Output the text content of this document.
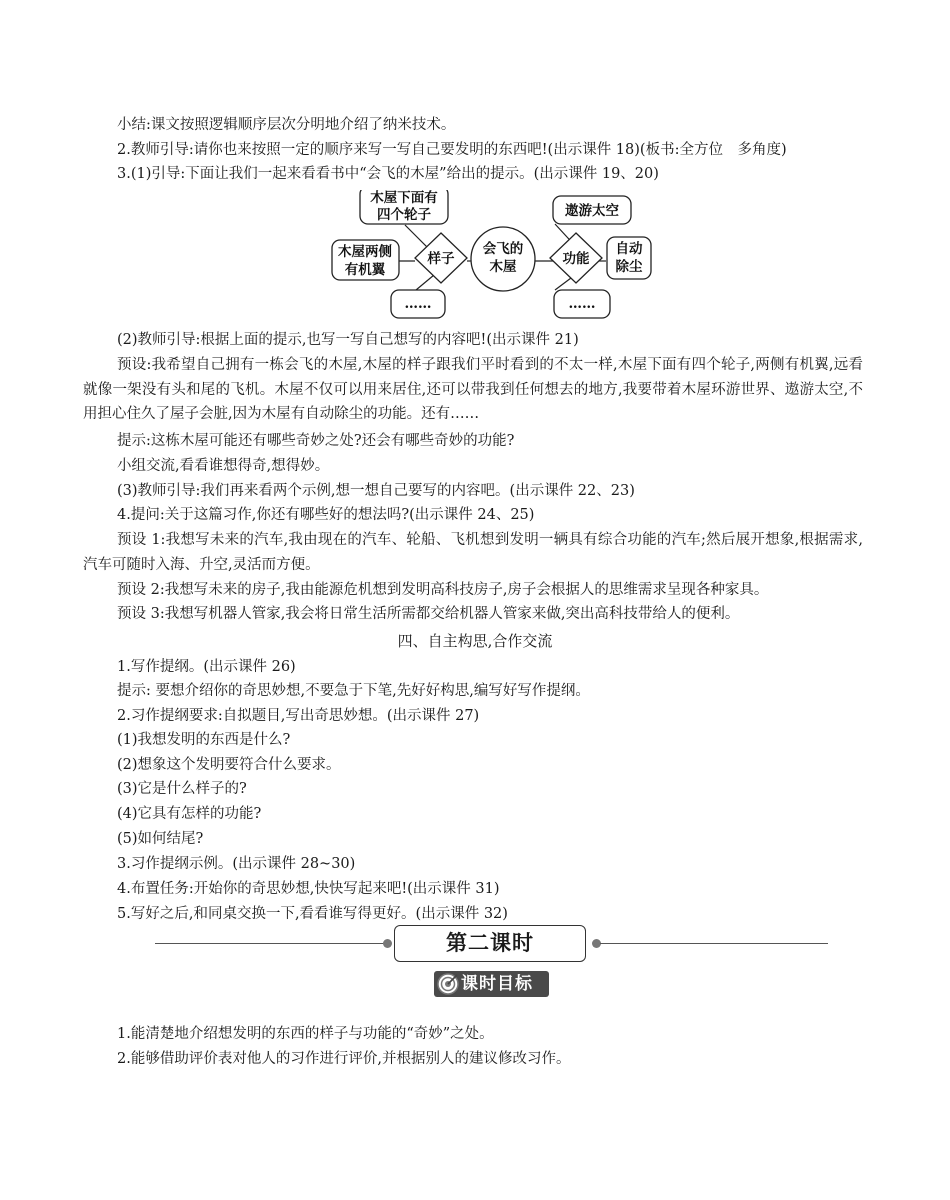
小结:课文按照逻辑顺序层次分明地介绍了纳米技术。
2.教师引导:请你也来按照一定的顺序来写一写自己要发明的东西吧!(出示课件 18)(板书:全方位　多角度)
3.(1)引导:下面让我们一起来看看书中“会飞的木屋”给出的提示。(出示课件 19、20)
木屋下面有
四个轮子
木屋两侧
有机翼
……
样子
会飞的
木屋	功能
遨游太空
自动
除尘
……
(2)教师引导:根据上面的提示,也写一写自己想写的内容吧!(出示课件 21)
预设:我希望自己拥有一栋会飞的木屋,木屋的样子跟我们平时看到的不太一样,木屋下面有四个轮子,两侧有机翼,远看就像一架没有头和尾的飞机。木屋不仅可以用来居住,还可以带我到任何想去的地方,我要带着木屋环游世界、遨游太空,不用担心住久了屋子会脏,因为木屋有自动除尘的功能。还有……
提示:这栋木屋可能还有哪些奇妙之处?还会有哪些奇妙的功能?
小组交流,看看谁想得奇,想得妙。
(3)教师引导:我们再来看两个示例,想一想自己要写的内容吧。(出示课件 22、23)
4.提问:关于这篇习作,你还有哪些好的想法吗?(出示课件 24、25)
预设 1:我想写未来的汽车,我由现在的汽车、轮船、飞机想到发明一辆具有综合功能的汽车;然后展开想象,根据需求,汽车可随时入海、升空,灵活而方便。
预设 2:我想写未来的房子,我由能源危机想到发明高科技房子,房子会根据人的思维需求呈现各种家具。
预设 3:我想写机器人管家,我会将日常生活所需都交给机器人管家来做,突出高科技带给人的便利。
四、自主构思,合作交流
1.写作提纲。(出示课件 26)
提示: 要想介绍你的奇思妙想,不要急于下笔,先好好构思,编写好写作提纲。
2.习作提纲要求:自拟题目,写出奇思妙想。(出示课件 27)
(1)我想发明的东西是什么?
(2)想象这个发明要符合什么要求。
(3)它是什么样子的?
(4)它具有怎样的功能?
(5)如何结尾?
3.习作提纲示例。(出示课件 28~30)
4.布置任务:开始你的奇思妙想,快快写起来吧!(出示课件 31)
5.写好之后,和同桌交换一下,看看谁写得更好。(出示课件 32)
第二课时
课时目标
1.能清楚地介绍想发明的东西的样子与功能的“奇妙”之处。
2.能够借助评价表对他人的习作进行评价,并根据别人的建议修改习作。
